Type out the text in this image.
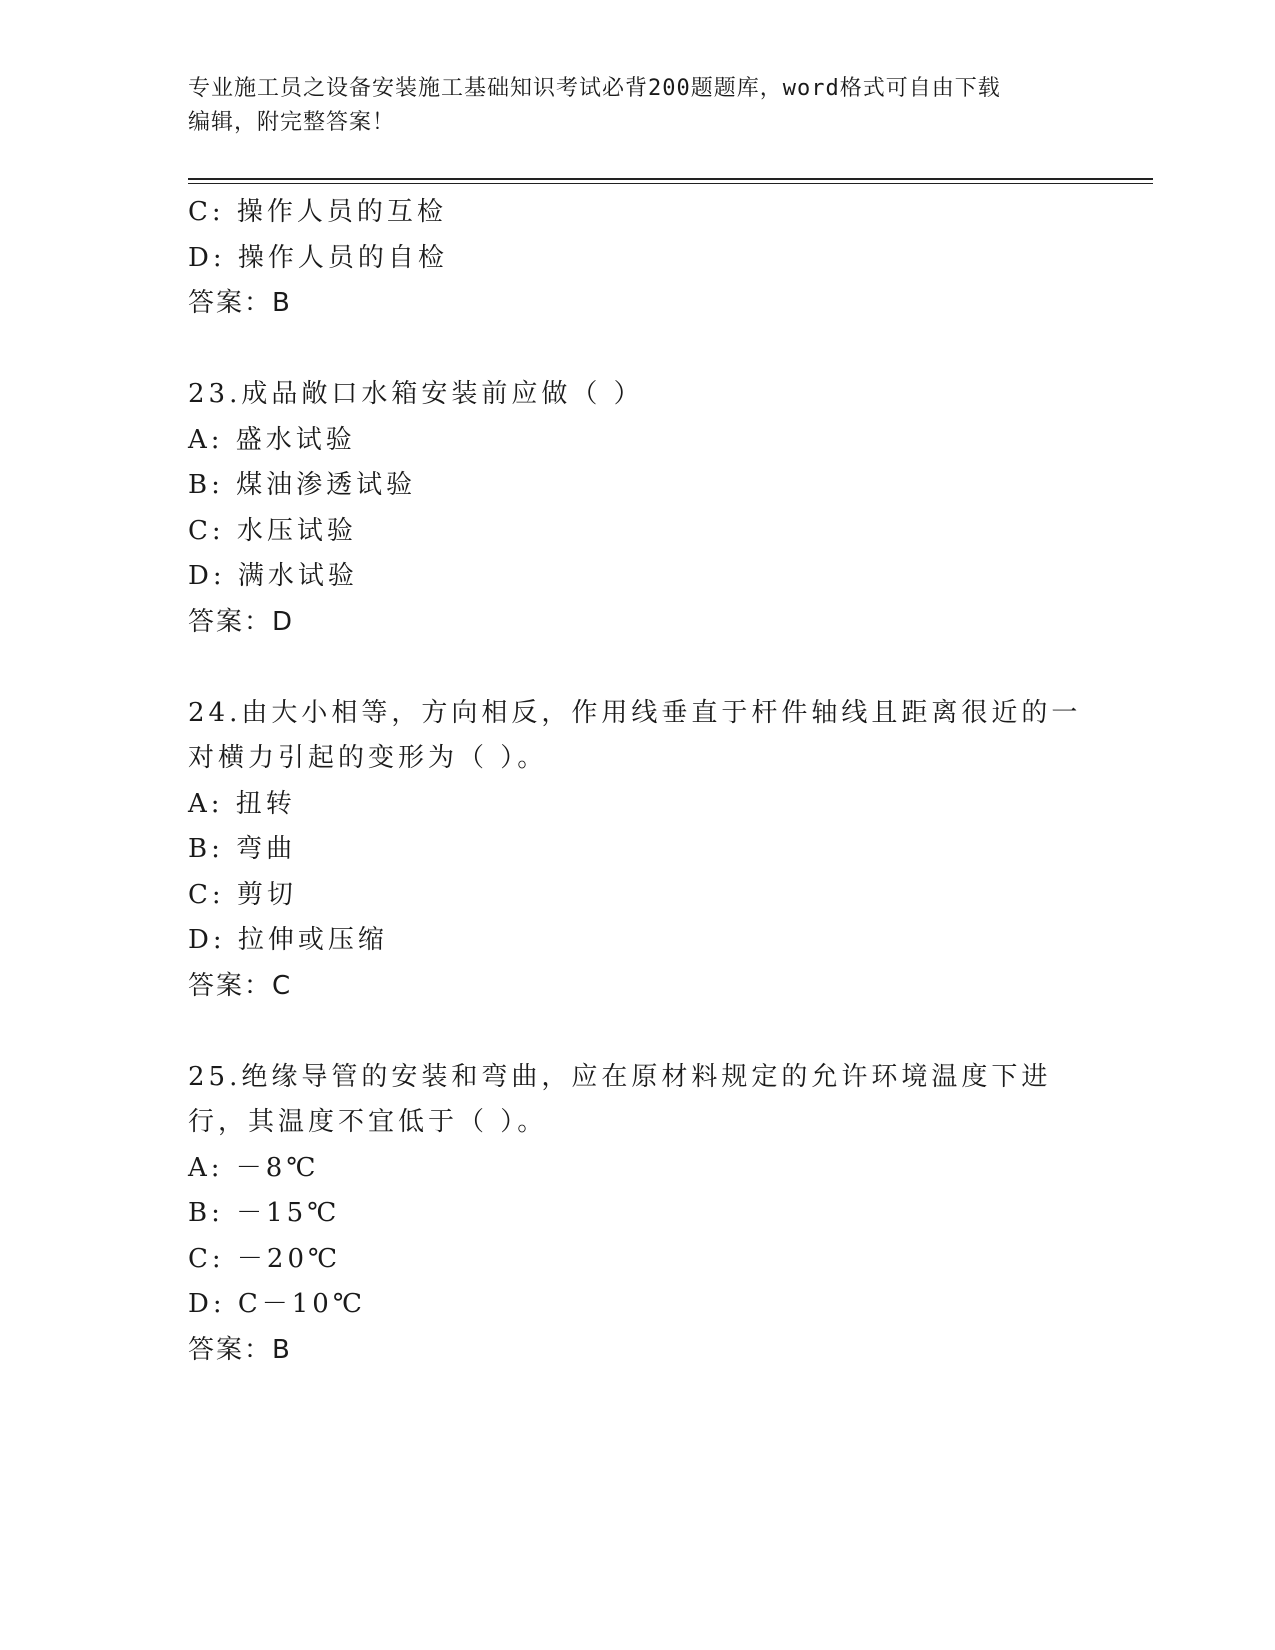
专业施工员之设备安装施工基础知识考试必背200题题库，word格式可自由下载
编辑，附完整答案！

C: 操作人员的互检

D: 操作人员的自检

答案：B

23.成品敞口水箱安装前应做（ ）

A: 盛水试验

B: 煤油渗透试验

C: 水压试验

D: 满水试验

答案：D

24.由大小相等，方向相反，作用线垂直于杆件轴线且距离很近的一对横力引起的变形为（ ）。

A: 扭转

B: 弯曲

C: 剪切

D: 拉伸或压缩

答案：C

25.绝缘导管的安装和弯曲，应在原材料规定的允许环境温度下进行，其温度不宜低于（ ）。

A: －8℃

B: －15℃

C: －20℃

D: C－10℃

答案：B
